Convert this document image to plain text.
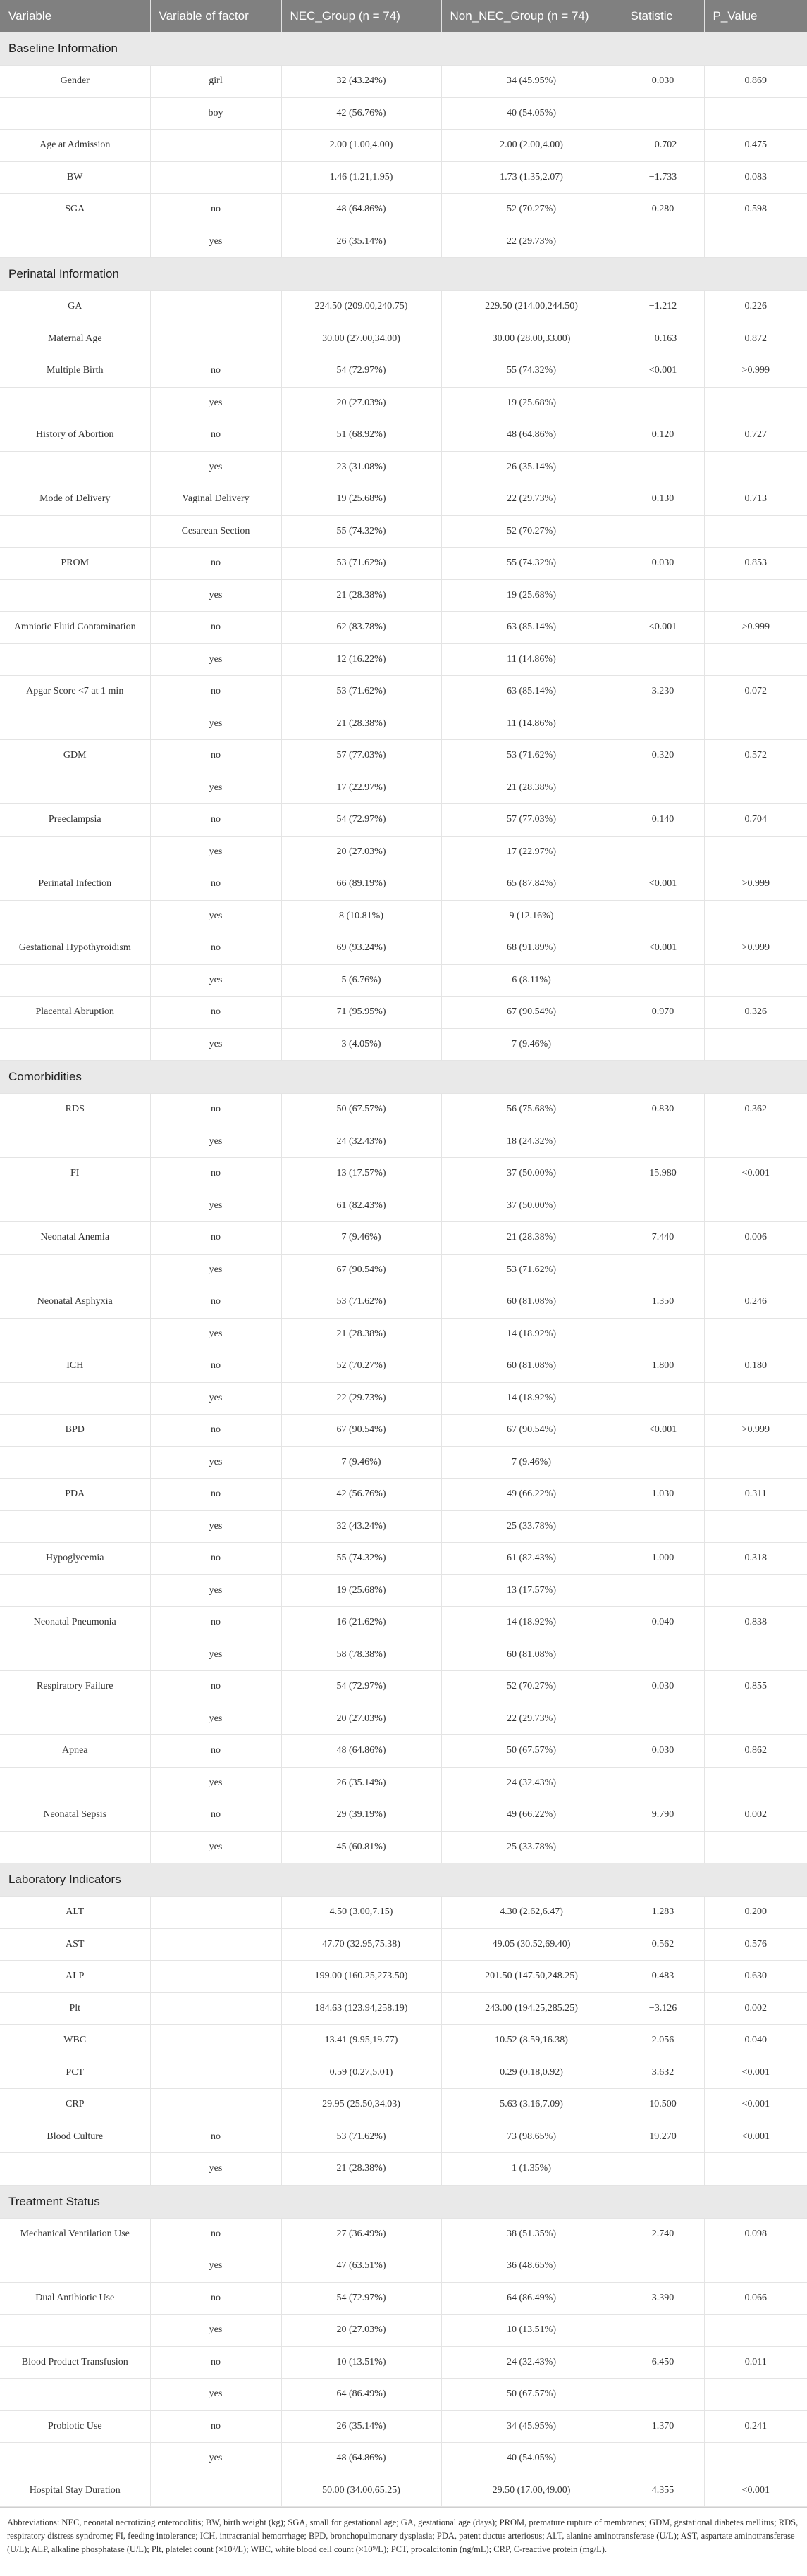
Variable	Variable of factor	NEC_Group (n = 74)	Non_NEC_Group (n = 74)	Statistic	P_Value
Baseline Information					
Gender	girl	32 (43.24%)	34 (45.95%)	0.030	0.869
	boy	42 (56.76%)	40 (54.05%)		
Age at Admission		2.00 (1.00,4.00)	2.00 (2.00,4.00)	−0.702	0.475
BW		1.46 (1.21,1.95)	1.73 (1.35,2.07)	−1.733	0.083
SGA	no	48 (64.86%)	52 (70.27%)	0.280	0.598
	yes	26 (35.14%)	22 (29.73%)		
Perinatal Information					
GA		224.50 (209.00,240.75)	229.50 (214.00,244.50)	−1.212	0.226
Maternal Age		30.00 (27.00,34.00)	30.00 (28.00,33.00)	−0.163	0.872
Multiple Birth	no	54 (72.97%)	55 (74.32%)	<0.001	>0.999
	yes	20 (27.03%)	19 (25.68%)		
History of Abortion	no	51 (68.92%)	48 (64.86%)	0.120	0.727
	yes	23 (31.08%)	26 (35.14%)		
Mode of Delivery	Vaginal Delivery	19 (25.68%)	22 (29.73%)	0.130	0.713
	Cesarean Section	55 (74.32%)	52 (70.27%)		
PROM	no	53 (71.62%)	55 (74.32%)	0.030	0.853
	yes	21 (28.38%)	19 (25.68%)		
Amniotic Fluid Contamination	no	62 (83.78%)	63 (85.14%)	<0.001	>0.999
	yes	12 (16.22%)	11 (14.86%)		
Apgar Score <7 at 1 min	no	53 (71.62%)	63 (85.14%)	3.230	0.072
	yes	21 (28.38%)	11 (14.86%)		
GDM	no	57 (77.03%)	53 (71.62%)	0.320	0.572
	yes	17 (22.97%)	21 (28.38%)		
Preeclampsia	no	54 (72.97%)	57 (77.03%)	0.140	0.704
	yes	20 (27.03%)	17 (22.97%)		
Perinatal Infection	no	66 (89.19%)	65 (87.84%)	<0.001	>0.999
	yes	8 (10.81%)	9 (12.16%)		
Gestational Hypothyroidism	no	69 (93.24%)	68 (91.89%)	<0.001	>0.999
	yes	5 (6.76%)	6 (8.11%)		
Placental Abruption	no	71 (95.95%)	67 (90.54%)	0.970	0.326
	yes	3 (4.05%)	7 (9.46%)		
Comorbidities					
RDS	no	50 (67.57%)	56 (75.68%)	0.830	0.362
	yes	24 (32.43%)	18 (24.32%)		
FI	no	13 (17.57%)	37 (50.00%)	15.980	<0.001
	yes	61 (82.43%)	37 (50.00%)		
Neonatal Anemia	no	7 (9.46%)	21 (28.38%)	7.440	0.006
	yes	67 (90.54%)	53 (71.62%)		
Neonatal Asphyxia	no	53 (71.62%)	60 (81.08%)	1.350	0.246
	yes	21 (28.38%)	14 (18.92%)		
ICH	no	52 (70.27%)	60 (81.08%)	1.800	0.180
	yes	22 (29.73%)	14 (18.92%)		
BPD	no	67 (90.54%)	67 (90.54%)	<0.001	>0.999
	yes	7 (9.46%)	7 (9.46%)		
PDA	no	42 (56.76%)	49 (66.22%)	1.030	0.311
	yes	32 (43.24%)	25 (33.78%)		
Hypoglycemia	no	55 (74.32%)	61 (82.43%)	1.000	0.318
	yes	19 (25.68%)	13 (17.57%)		
Neonatal Pneumonia	no	16 (21.62%)	14 (18.92%)	0.040	0.838
	yes	58 (78.38%)	60 (81.08%)		
Respiratory Failure	no	54 (72.97%)	52 (70.27%)	0.030	0.855
	yes	20 (27.03%)	22 (29.73%)		
Apnea	no	48 (64.86%)	50 (67.57%)	0.030	0.862
	yes	26 (35.14%)	24 (32.43%)		
Neonatal Sepsis	no	29 (39.19%)	49 (66.22%)	9.790	0.002
	yes	45 (60.81%)	25 (33.78%)		
Laboratory Indicators					
ALT		4.50 (3.00,7.15)	4.30 (2.62,6.47)	1.283	0.200
AST		47.70 (32.95,75.38)	49.05 (30.52,69.40)	0.562	0.576
ALP		199.00 (160.25,273.50)	201.50 (147.50,248.25)	0.483	0.630
Plt		184.63 (123.94,258.19)	243.00 (194.25,285.25)	−3.126	0.002
WBC		13.41 (9.95,19.77)	10.52 (8.59,16.38)	2.056	0.040
PCT		0.59 (0.27,5.01)	0.29 (0.18,0.92)	3.632	<0.001
CRP		29.95 (25.50,34.03)	5.63 (3.16,7.09)	10.500	<0.001
Blood Culture	no	53 (71.62%)	73 (98.65%)	19.270	<0.001
	yes	21 (28.38%)	1 (1.35%)		
Treatment Status					
Mechanical Ventilation Use	no	27 (36.49%)	38 (51.35%)	2.740	0.098
	yes	47 (63.51%)	36 (48.65%)		
Dual Antibiotic Use	no	54 (72.97%)	64 (86.49%)	3.390	0.066
	yes	20 (27.03%)	10 (13.51%)		
Blood Product Transfusion	no	10 (13.51%)	24 (32.43%)	6.450	0.011
	yes	64 (86.49%)	50 (67.57%)		
Probiotic Use	no	26 (35.14%)	34 (45.95%)	1.370	0.241
	yes	48 (64.86%)	40 (54.05%)		
Hospital Stay Duration		50.00 (34.00,65.25)	29.50 (17.00,49.00)	4.355	<0.001
Abbreviations: NEC, neonatal necrotizing enterocolitis; BW, birth weight (kg); SGA, small for gestational age; GA, gestational age (days); PROM, premature rupture of membranes; GDM, gestational diabetes mellitus; RDS, respiratory distress syndrome; FI, feeding intolerance; ICH, intracranial hemorrhage; BPD, bronchopulmonary dysplasia; PDA, patent ductus arteriosus; ALT, alanine aminotransferase (U/L); AST, aspartate aminotransferase (U/L); ALP, alkaline phosphatase (U/L); Plt, platelet count (×10⁹/L); WBC, white blood cell count (×10⁹/L); PCT, procalcitonin (ng/mL); CRP, C-reactive protein (mg/L).
